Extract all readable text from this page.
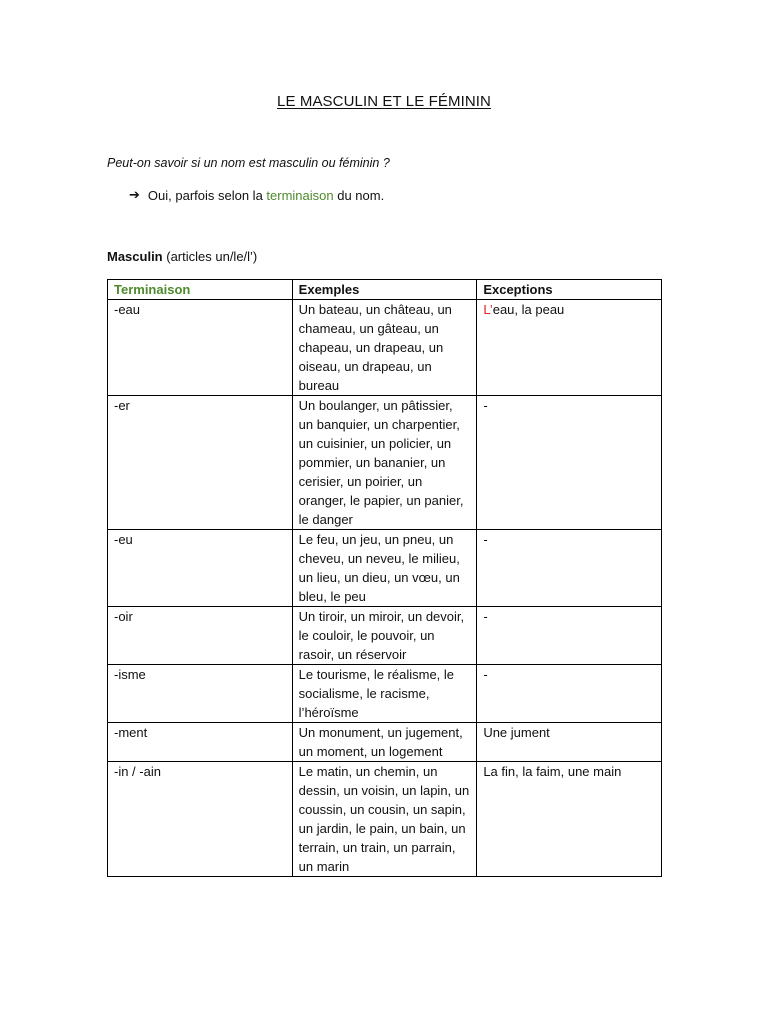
LE MASCULIN ET LE FÉMININ
Peut-on savoir si un nom est masculin ou féminin ?
➔ Oui, parfois selon la terminaison du nom.
Masculin (articles un/le/l’)
Terminaison	Exemples	Exceptions
-eau	Un bateau, un château, un chameau, un gâteau, un chapeau, un drapeau, un oiseau, un drapeau, un bureau	L’eau, la peau
-er	Un boulanger, un pâtissier, un banquier, un charpentier, un cuisinier, un policier, un pommier, un bananier, un cerisier, un poirier, un oranger, le papier, un panier, le danger	-
-eu	Le feu, un jeu, un pneu, un cheveu, un neveu, le milieu, un lieu, un dieu, un vœu, un bleu, le peu	-
-oir	Un tiroir, un miroir, un devoir, le couloir, le pouvoir, un rasoir, un réservoir	-
-isme	Le tourisme, le réalisme, le socialisme, le racisme, l’héroïsme	-
-ment	Un monument, un jugement, un moment, un logement	Une jument
-in / -ain	Le matin, un chemin, un dessin, un voisin, un lapin, un coussin, un cousin, un sapin, un jardin, le pain, un bain, un terrain, un train, un parrain, un marin	La fin, la faim, une main
